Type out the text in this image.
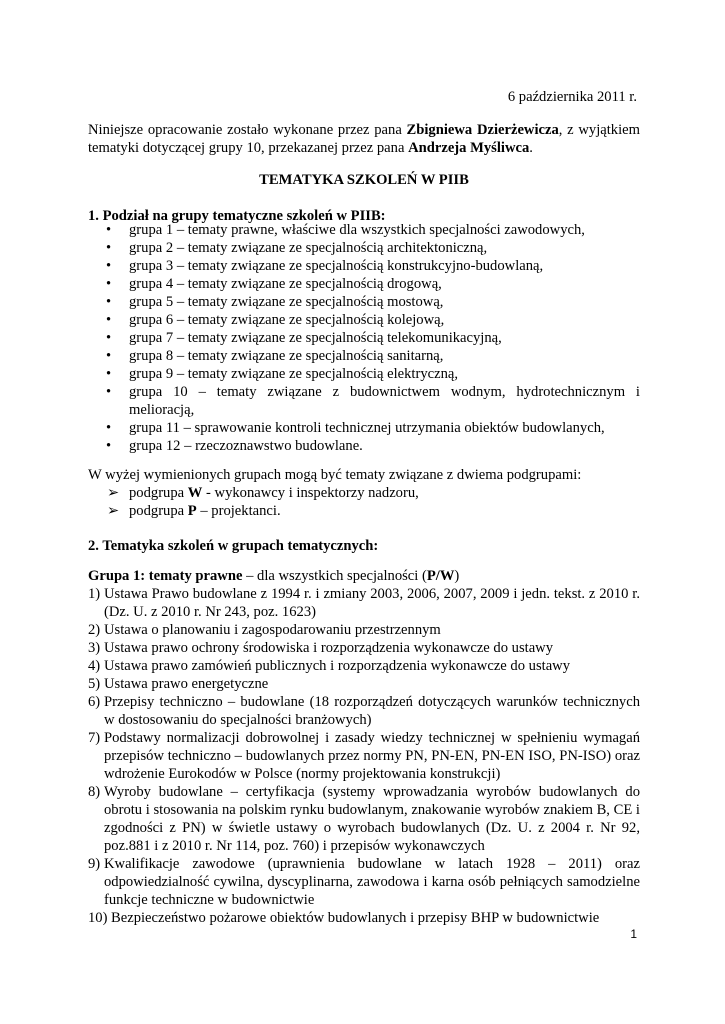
6 października 2011 r.
Niniejsze opracowanie zostało wykonane przez pana Zbigniewa Dzierżewicza, z wyjątkiem tematyki dotyczącej grupy 10, przekazanej przez pana Andrzeja Myśliwca.
TEMATYKA SZKOLEŃ W PIIB
1. Podział na grupy tematyczne szkoleń w PIIB:
• grupa 1 – tematy prawne, właściwe dla wszystkich specjalności zawodowych,
• grupa 2 – tematy związane ze specjalnością architektoniczną,
• grupa 3 – tematy związane ze specjalnością konstrukcyjno-budowlaną,
• grupa 4 – tematy związane ze specjalnością drogową,
• grupa 5 – tematy związane ze specjalnością mostową,
• grupa 6 – tematy związane ze specjalnością kolejową,
• grupa 7 – tematy związane ze specjalnością telekomunikacyjną,
• grupa 8 – tematy związane ze specjalnością sanitarną,
• grupa 9 – tematy związane ze specjalnością elektryczną,
• grupa 10 – tematy związane z budownictwem wodnym, hydrotechnicznym i melioracją,
• grupa 11 – sprawowanie kontroli technicznej utrzymania obiektów budowlanych,
• grupa 12 – rzeczoznawstwo budowlane.
W wyżej wymienionych grupach mogą być tematy związane z dwiema podgrupami:
➢ podgrupa W - wykonawcy i inspektorzy nadzoru,
➢ podgrupa P – projektanci.
2. Tematyka szkoleń w grupach tematycznych:
Grupa 1: tematy prawne – dla wszystkich specjalności (P/W)
1) Ustawa Prawo budowlane z 1994 r. i zmiany 2003, 2006, 2007, 2009 i jedn. tekst. z 2010 r. (Dz. U. z 2010 r. Nr 243, poz. 1623)
2) Ustawa o planowaniu i zagospodarowaniu przestrzennym
3) Ustawa prawo ochrony środowiska i rozporządzenia wykonawcze do ustawy
4) Ustawa prawo zamówień publicznych i rozporządzenia wykonawcze do ustawy
5) Ustawa prawo energetyczne
6) Przepisy techniczno – budowlane (18 rozporządzeń dotyczących warunków technicznych w dostosowaniu do specjalności branżowych)
7) Podstawy normalizacji dobrowolnej i zasady wiedzy technicznej w spełnieniu wymagań przepisów techniczno – budowlanych przez normy PN, PN-EN, PN-EN ISO, PN-ISO) oraz wdrożenie Eurokodów w Polsce (normy projektowania konstrukcji)
8) Wyroby budowlane – certyfikacja (systemy wprowadzania wyrobów budowlanych do obrotu i stosowania na polskim rynku budowlanym, znakowanie wyrobów znakiem B, CE i zgodności z PN) w świetle ustawy o wyrobach budowlanych (Dz. U. z 2004 r. Nr 92, poz.881 i z 2010 r. Nr 114, poz. 760) i przepisów wykonawczych
9) Kwalifikacje zawodowe (uprawnienia budowlane w latach 1928 – 2011) oraz odpowiedzialność cywilna, dyscyplinarna, zawodowa i karna osób pełniących samodzielne funkcje techniczne w budownictwie
10) Bezpieczeństwo pożarowe obiektów budowlanych i przepisy BHP w budownictwie
1
